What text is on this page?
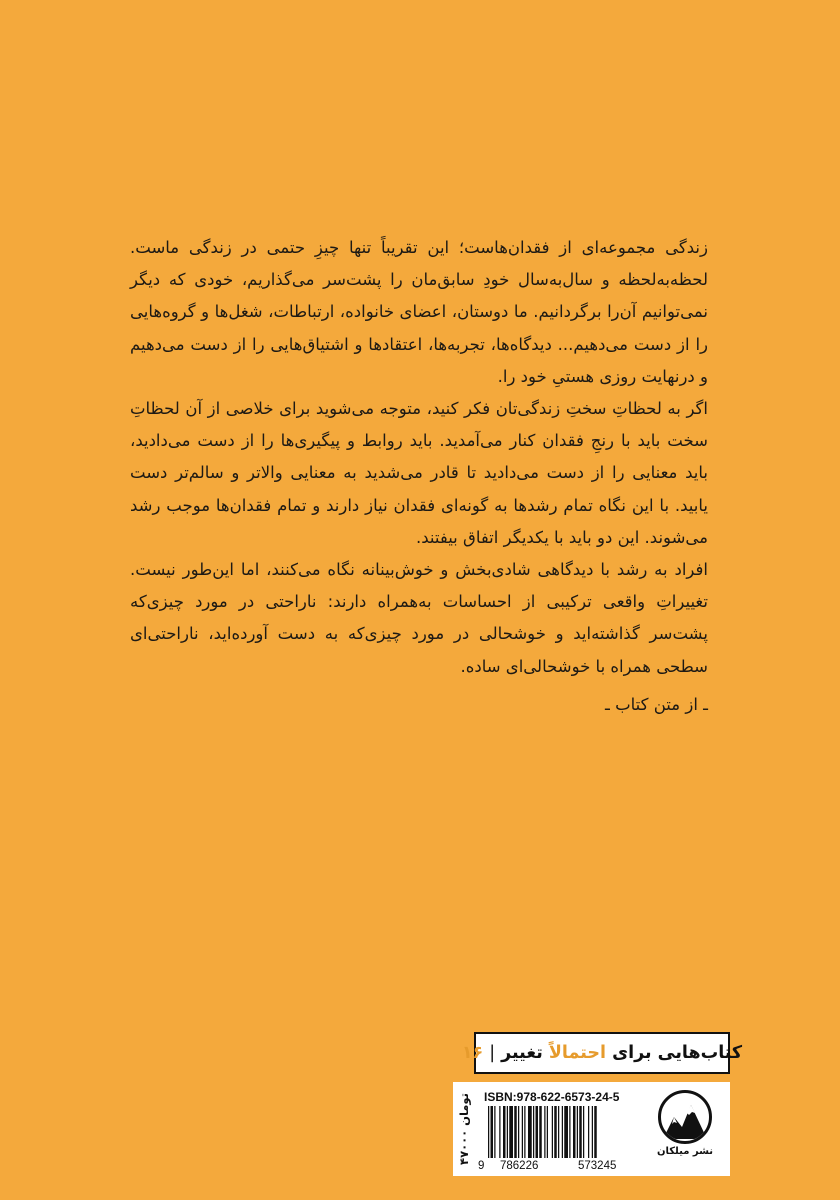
زندگی مجموعه‌ای از فقدان‌هاست؛ این تقریباً تنها چیزِ حتمی در زندگی ماست. لحظه‌به‌لحظه و سال‌به‌سال خودِ سابق‌مان را پشت‌سر می‌گذاریم، خودی که دیگر نمی‌توانیم آن‌را برگردانیم. ما دوستان، اعضای خانواده، ارتباطات، شغل‌ها و گروه‌هایی را از دست می‌دهیم... دیدگاه‌ها، تجربه‌ها، اعتقادها و اشتیاق‌هایی را از دست می‌دهیم و درنهایت روزی هستیِ خود را.

اگر به لحظاتِ سختِ زندگی‌تان فکر کنید، متوجه می‌شوید برای خلاصی از آن لحظاتِ سخت باید با رنجِ فقدان کنار می‌آمدید. باید روابط و پیگیری‌ها را از دست می‌دادید، باید معنایی را از دست می‌دادید تا قادر می‌شدید به معنایی والاتر و سالم‌تر دست یابید. با این نگاه تمام رشدها به گونه‌ای فقدان نیاز دارند و تمام فقدان‌ها موجب رشد می‌شوند. این دو باید با یکدیگر اتفاق بیفتند.

افراد به رشد با دیدگاهی شادی‌بخش و خوش‌بینانه نگاه می‌کنند، اما این‌طور نیست. تغییراتِ واقعی ترکیبی از احساسات به‌همراه دارند: ناراحتی در مورد چیزی‌که پشت‌سر گذاشته‌اید و خوشحالی در مورد چیزی‌که به دست آورده‌اید، ناراحتی‌ای سطحی همراه با خوشحالی‌ای ساده.

ـ از متن کتاب ـ

کتاب‌هایی برای

احتمالاً

تغییر
|
۱۶
۴۷۰۰۰ تومان ISBN:978-622-6573-24-5
9 786226	573245
نشر میلکان
